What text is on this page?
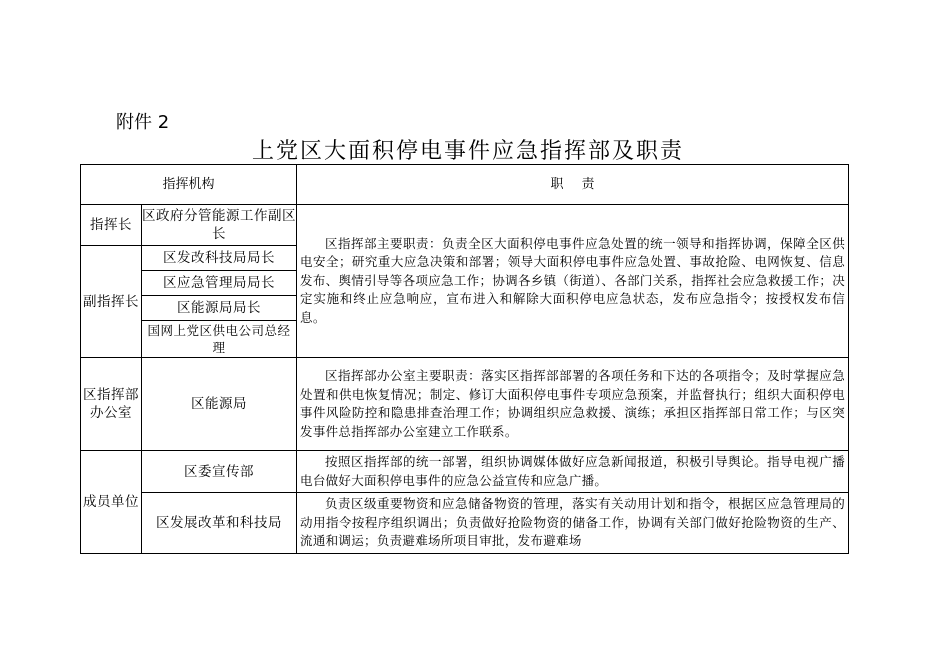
附件 2
上党区大面积停电事件应急指挥部及职责
指挥机构		职责
指挥长	区政府分管能源工作副区长	区指挥部主要职责：负责全区大面积停电事件应急处置的统一领导和指挥协调，保障全区供电安全；研究重大应急决策和部署；领导大面积停电事件应急处置、事故抢险、电网恢复、信息发布、舆情引导等各项应急工作；协调各乡镇（街道）、各部门关系，指挥社会应急救援工作；决定实施和终止应急响应，宣布进入和解除大面积停电应急状态，发布应急指令；按授权发布信息。

副指挥长	区发改科技局局长	
	区应急管理局局长	
	区能源局局长	
	国网上党区供电公司总经理	
区指挥部办公室	区能源局	区指挥部办公室主要职责：落实区指挥部部署的各项任务和下达的各项指令；及时掌握应急处置和供电恢复情况；制定、修订大面积停电事件专项应急预案，并监督执行；组织大面积停电事件风险防控和隐患排查治理工作；协调组织应急救援、演练；承担区指挥部日常工作；与区突发事件总指挥部办公室建立工作联系。

成员单位	区委宣传部	按照区指挥部的统一部署，组织协调媒体做好应急新闻报道，积极引导舆论。指导电视广播电台做好大面积停电事件的应急公益宣传和应急广播。

	区发展改革和科技局	负责区级重要物资和应急储备物资的管理，落实有关动用计划和指令，根据区应急管理局的动用指令按程序组织调出；负责做好抢险物资的储备工作，协调有关部门做好抢险物资的生产、流通和调运；负责避难场所项目审批，发布避难场
